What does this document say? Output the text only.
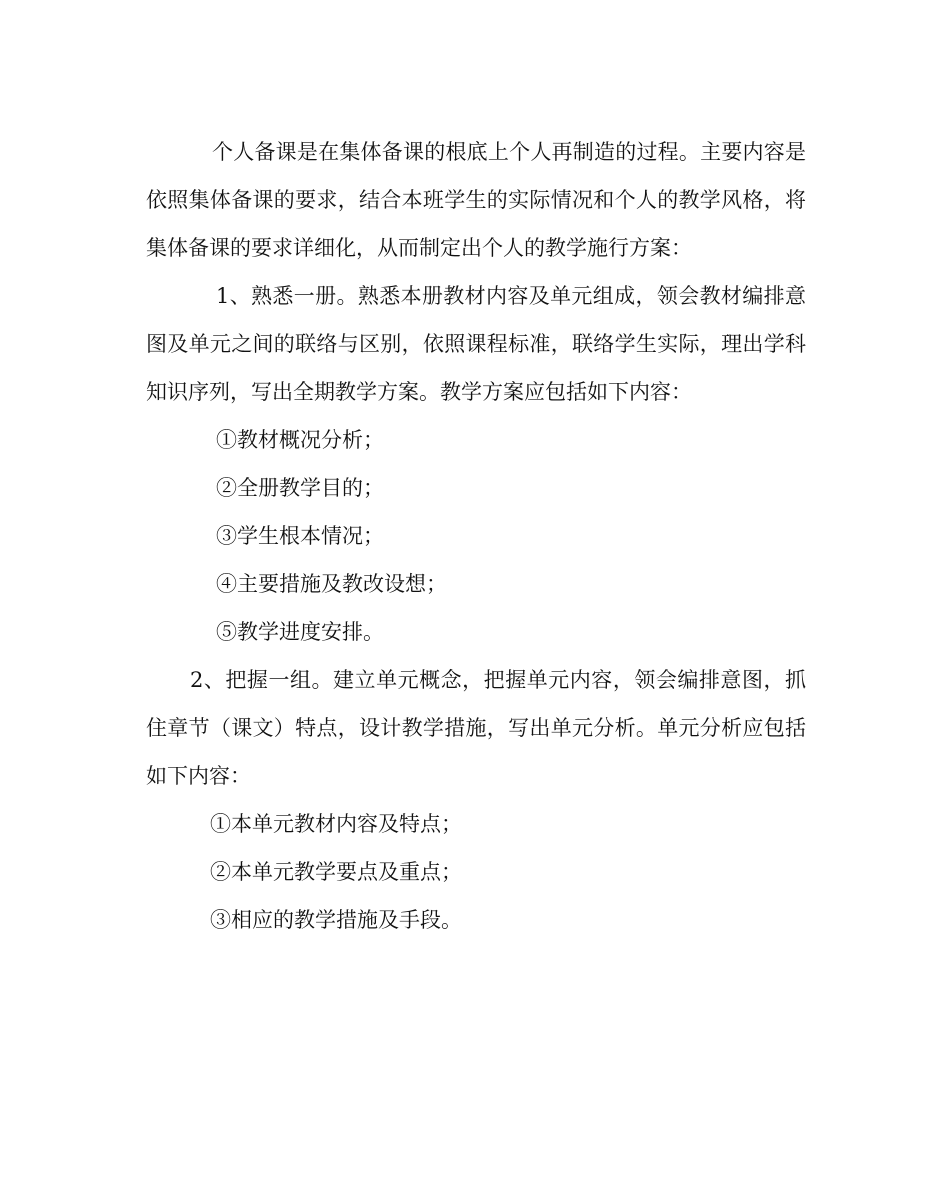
个人备课是在集体备课的根底上个人再制造的过程。主要内容是依照集体备课的要求，结合本班学生的实际情况和个人的教学风格，将集体备课的要求详细化，从而制定出个人的教学施行方案：

1、熟悉一册。熟悉本册教材内容及单元组成，领会教材编排意图及单元之间的联络与区别，依照课程标准，联络学生实际，理出学科知识序列，写出全期教学方案。教学方案应包括如下内容：

①教材概况分析；

②全册教学目的；

③学生根本情况；

④主要措施及教改设想；

⑤教学进度安排。

2、把握一组。建立单元概念，把握单元内容，领会编排意图，抓住章节（课文）特点，设计教学措施，写出单元分析。单元分析应包括如下内容：

①本单元教材内容及特点；

②本单元教学要点及重点；

③相应的教学措施及手段。
